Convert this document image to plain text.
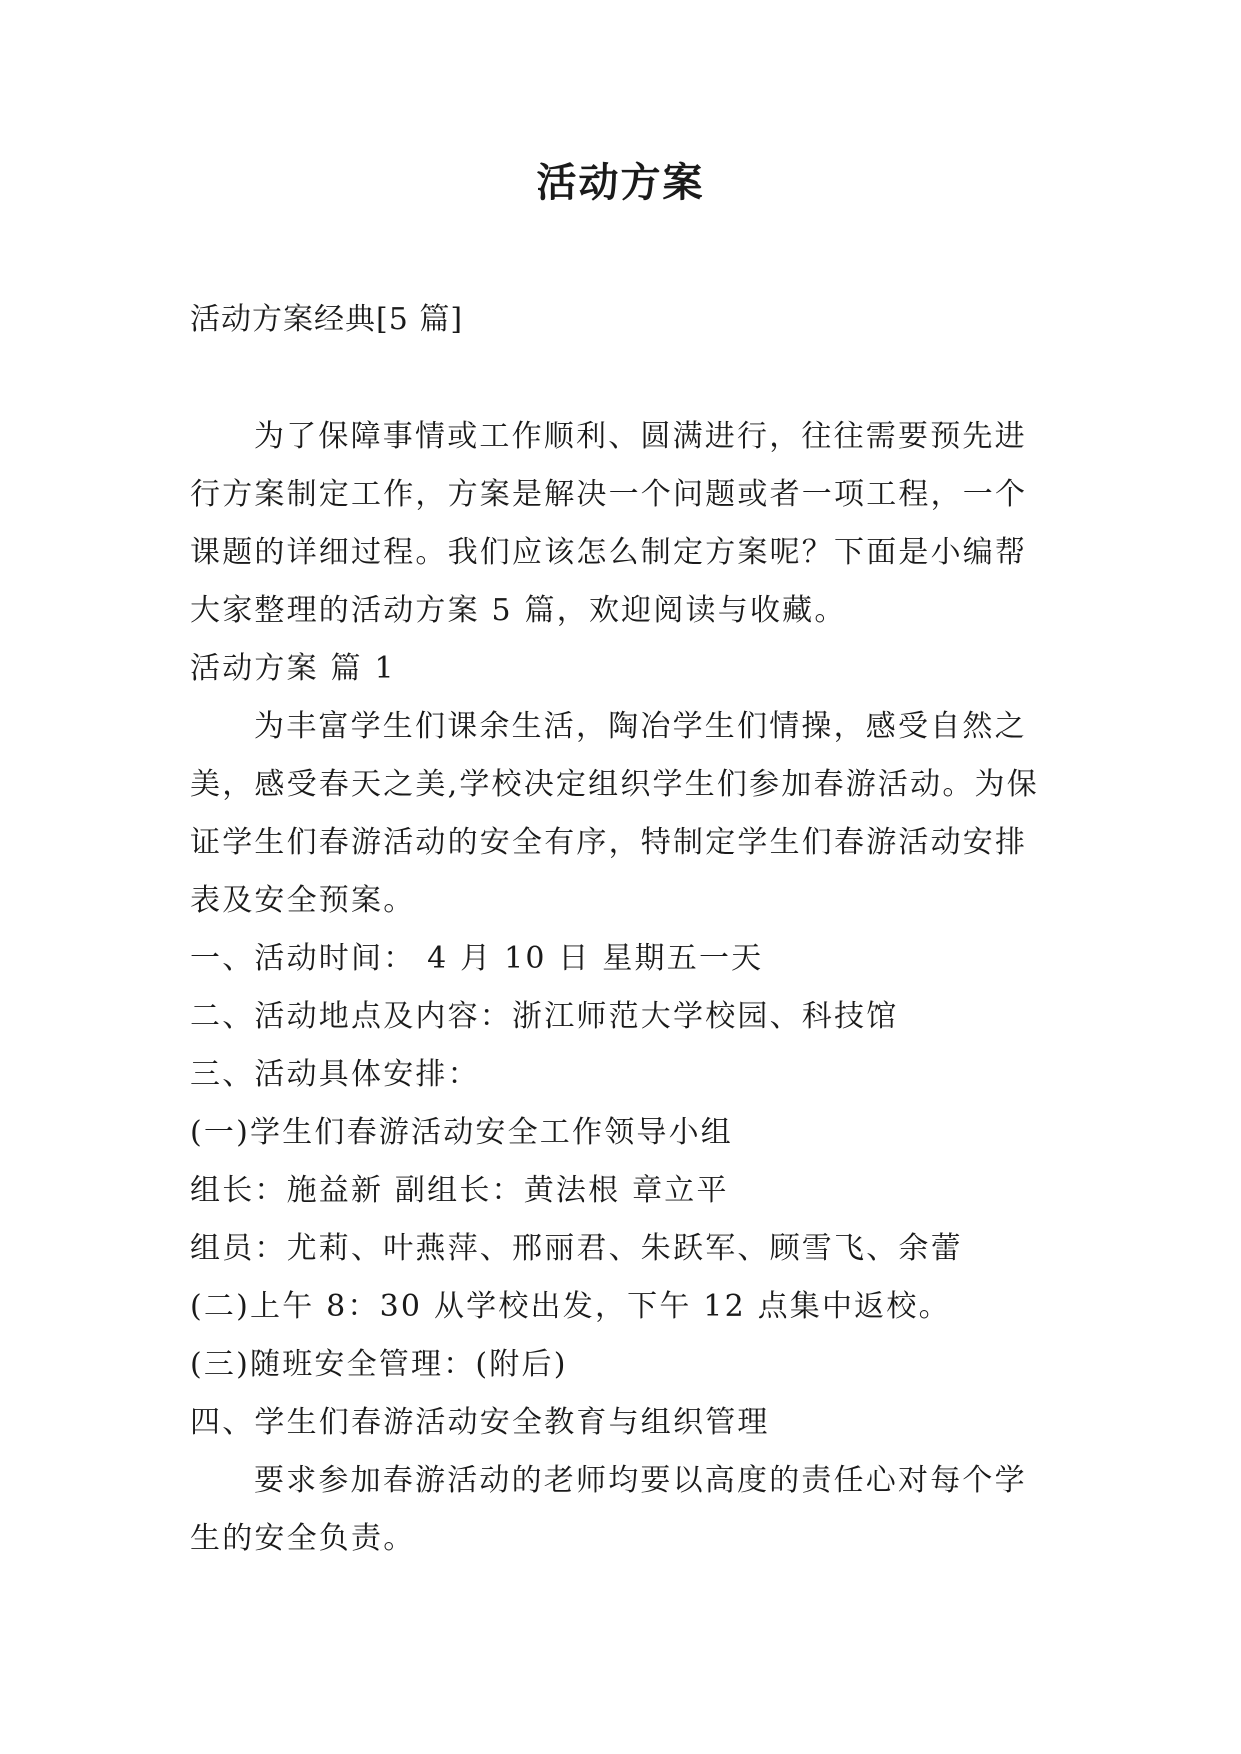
活动方案
活动方案经典[5 篇]

为了保障事情或工作顺利、圆满进行，往往需要预先进行方案制定工作，方案是解决一个问题或者一项工程，一个课题的详细过程。我们应该怎么制定方案呢？下面是小编帮大家整理的活动方案 5 篇，欢迎阅读与收藏。

活动方案 篇 1

为丰富学生们课余生活，陶冶学生们情操，感受自然之美，感受春天之美,学校决定组织学生们参加春游活动。为保证学生们春游活动的安全有序，特制定学生们春游活动安排表及安全预案。

一、活动时间： 4 月 10 日 星期五一天

二、活动地点及内容：浙江师范大学校园、科技馆

三、活动具体安排：

(一)学生们春游活动安全工作领导小组

组长：施益新 副组长：黄法根 章立平

组员：尤莉、叶燕萍、邢丽君、朱跃军、顾雪飞、余蕾

(二)上午 8：30 从学校出发，下午 12 点集中返校。

(三)随班安全管理：(附后)

四、学生们春游活动安全教育与组织管理

要求参加春游活动的老师均要以高度的责任心对每个学生的安全负责。
